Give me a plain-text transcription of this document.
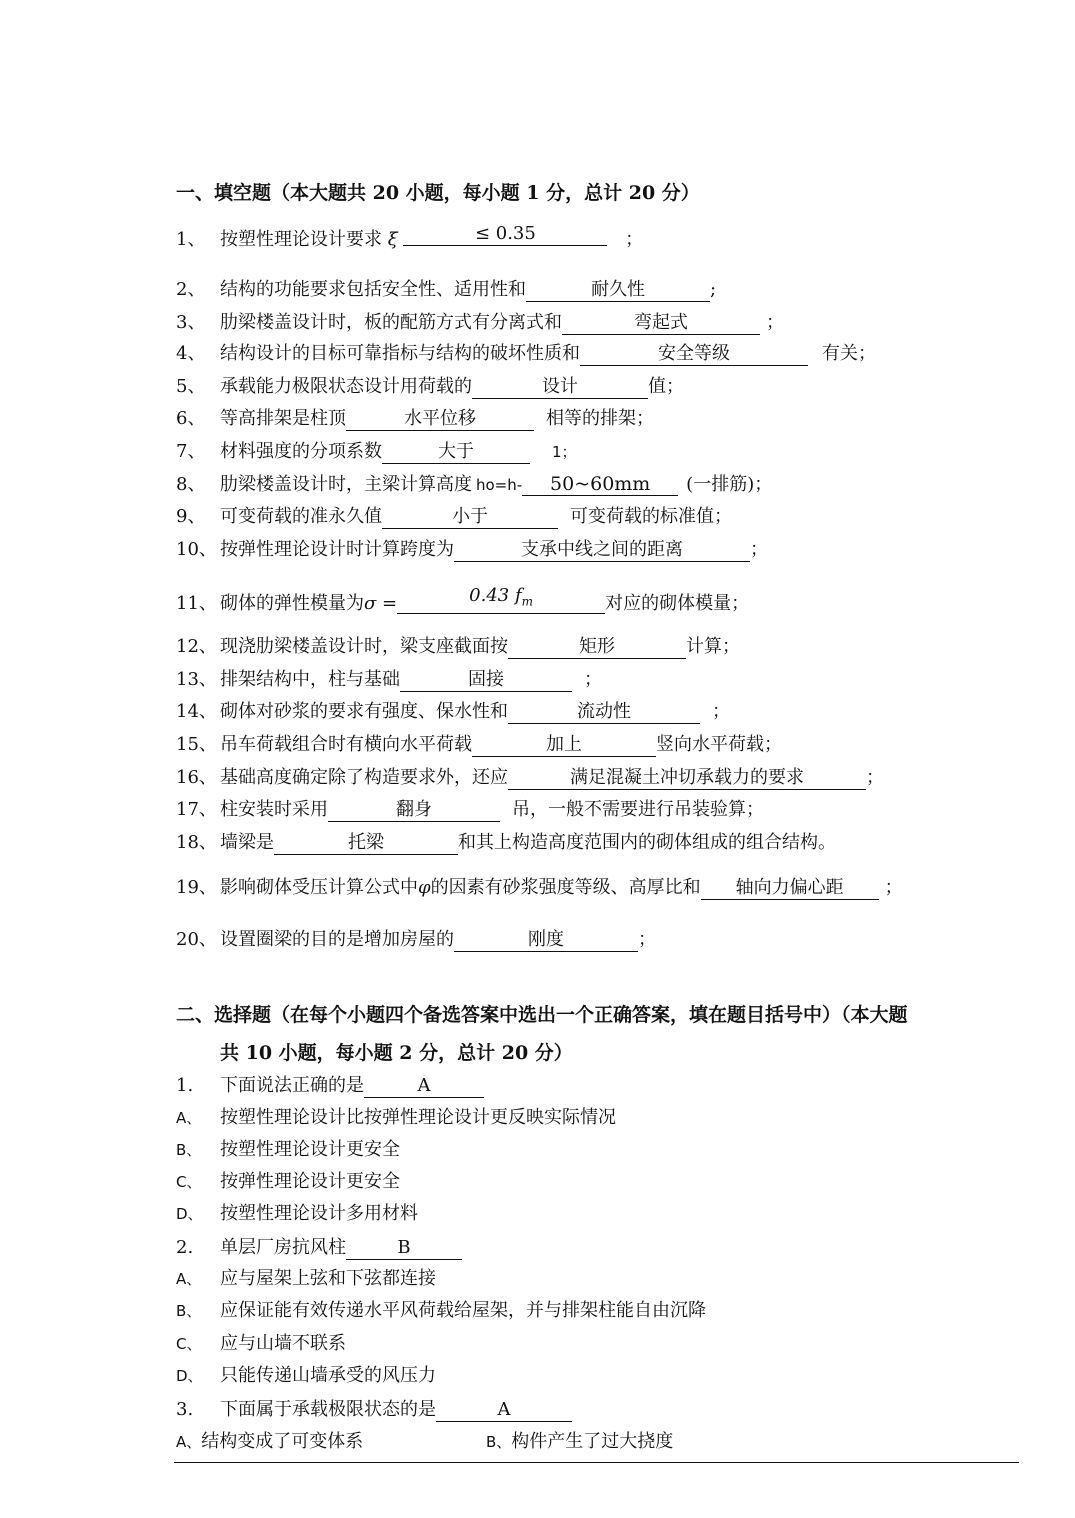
一、填空题（本大题共 20 小题，每小题 1 分，总计 20 分）
1、 按塑性理论设计要求 ξ	≤ 0.35	；
2、 结构的功能要求包括安全性、适用性和	耐久性	;
3、 肋梁楼盖设计时，板的配筋方式有分离式和	弯起式	；
4、 结构设计的目标可靠指标与结构的破坏性质和	安全等级	有关；
5、 承载能力极限状态设计用荷载的	设计	值；
6、 等高排架是柱顶	水平位移	相等的排架；
7、 材料强度的分项系数	大于	1；
8、 肋梁楼盖设计时，主梁计算高度 ho=h- 50~60mm (一排筋)；
9、 可变荷载的准永久值	小于	可变荷载的标准值；
10、 按弹性理论设计时计算跨度为	支承中线之间的距离	；
11、 砌体的弹性模量为σ =	0.43 $f_m$	对应的砌体模量；
12、 现浇肋梁楼盖设计时，梁支座截面按	矩形	计算；
13、 排架结构中，柱与基础	固接	；
14、 砌体对砂浆的要求有强度、保水性和	流动性	；
15、 吊车荷载组合时有横向水平荷载	加上	竖向水平荷载；
16、 基础高度确定除了构造要求外，还应	满足混凝土冲切承载力的要求	；
17、 柱安装时采用	翻身	吊，一般不需要进行吊装验算；
18、 墙梁是	托梁	和其上构造高度范围内的砌体组成的组合结构。
19、 影响砌体受压计算公式中φ的因素有砂浆强度等级、高厚比和 轴向力偏心距 ；
20、 设置圈梁的目的是增加房屋的	刚度	；
二、选择题（在每个小题四个备选答案中选出一个正确答案，填在题目括号中）（本大题
共 10 小题，每小题 2 分，总计 20 分）
1. 下面说法正确的是	A
A、 按塑性理论设计比按弹性理论设计更反映实际情况
B、 按塑性理论设计更安全
C、 按弹性理论设计更安全
D、 按塑性理论设计多用材料
2. 单层厂房抗风柱	B
A、 应与屋架上弦和下弦都连接
B、 应保证能有效传递水平风荷载给屋架，并与排架柱能自由沉降
C、 应与山墙不联系
D、 只能传递山墙承受的风压力
3. 下面属于承载极限状态的是	A
A、结构变成了可变体系	B、构件产生了过大挠度
